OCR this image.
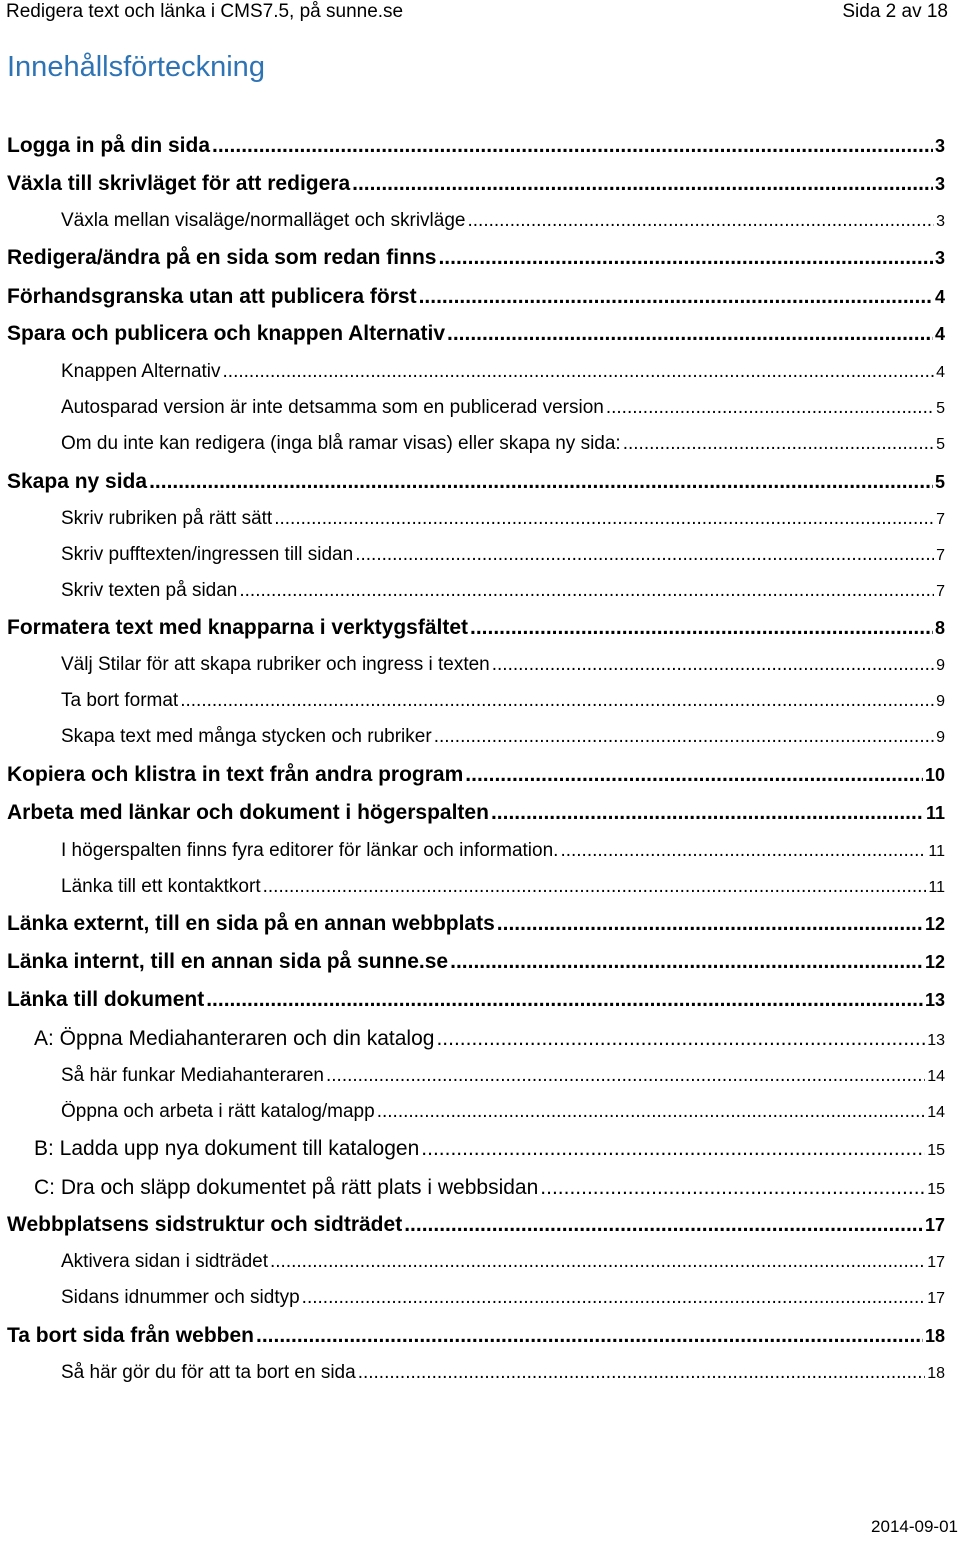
Redigera text och länka i CMS7.5, på sunne.se	Sida 2 av 18
Innehållsförteckning
Logga in på din sida .....	3
Växla till skrivläget för att redigera .....	3
Växla mellan visaläge/normalläget och skrivläge .....	3
Redigera/ändra på en sida som redan finns .....	3
Förhandsgranska utan att publicera först .....	4
Spara och publicera och knappen Alternativ .....	4
Knappen Alternativ .....	4
Autosparad version är inte detsamma som en publicerad version .....	5
Om du inte kan redigera (inga blå ramar visas) eller skapa ny sida: .....	5
Skapa ny sida .....	5
Skriv rubriken på rätt sätt .....	7
Skriv pufftexten/ingressen till sidan .....	7
Skriv texten på sidan .....	7
Formatera text med knapparna i verktygsfältet .....	8
Välj Stilar för att skapa rubriker och ingress i texten .....	9
Ta bort format .....	9
Skapa text med många stycken och rubriker .....	9
Kopiera och klistra in text från andra program .....	10
Arbeta med länkar och dokument i högerspalten .....	11
I högerspalten finns fyra editorer för länkar och information. .....	11
Länka till ett kontaktkort .....	11
Länka externt, till en sida på en annan webbplats .....	12
Länka internt, till en annan sida på sunne.se .....	12
Länka till dokument .....	13
A: Öppna Mediahanteraren och din katalog .....	13
Så här funkar Mediahanteraren .....	14
Öppna och arbeta i rätt katalog/mapp .....	14
B: Ladda upp nya dokument till katalogen .....	15
C: Dra och släpp dokumentet på rätt plats i webbsidan .....	15
Webbplatsens sidstruktur och sidträdet .....	17
Aktivera sidan i sidträdet .....	17
Sidans idnummer och sidtyp .....	17
Ta bort sida från webben .....	18
Så här gör du för att ta bort en sida .....	18
2014-09-01
